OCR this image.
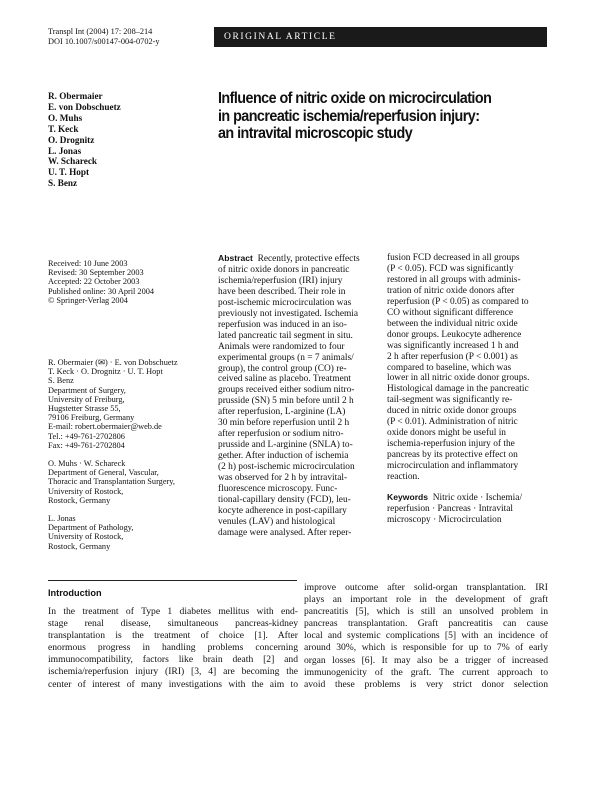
Transpl Int (2004) 17: 208–214
DOI 10.1007/s00147-004-0702-y	ORIGINAL ARTICLE
R. Obermaier
E. von Dobschuetz
O. Muhs
T. Keck
O. Drognitz
L. Jonas
W. Schareck
U. T. Hopt
S. Benz
Influence of nitric oxide on microcirculation
in pancreatic ischemia/reperfusion injury:
an intravital microscopic study
Received: 10 June 2003
Revised: 30 September 2003
Accepted: 22 October 2003
Published online: 30 April 2004
© Springer-Verlag 2004
R. Obermaier (✉) · E. von Dobschuetz
T. Keck · O. Drognitz · U. T. Hopt
S. Benz
Department of Surgery,
University of Freiburg,
Hugstetter Strasse 55,
79106 Freiburg, Germany
E-mail: robert.obermaier@web.de
Tel.: +49-761-2702806
Fax: +49-761-2702804
O. Muhs · W. Schareck
Department of General, Vascular,
Thoracic and Transplantation Surgery,
University of Rostock,
Rostock, Germany
L. Jonas
Department of Pathology,
University of Rostock,
Rostock, Germany
Abstract Recently, protective effects
of nitric oxide donors in pancreatic
ischemia/reperfusion (IRI) injury
have been described. Their role in
post-ischemic microcirculation was
previously not investigated. Ischemia
reperfusion was induced in an iso-
lated pancreatic tail segment in situ.
Animals were randomized to four
experimental groups (n = 7 animals/
group), the control group (CO) re-
ceived saline as placebo. Treatment
groups received either sodium nitro-
prusside (SN) 5 min before until 2 h
after reperfusion, L-arginine (LA)
30 min before reperfusion until 2 h
after reperfusion or sodium nitro-
prusside and L-arginine (SNLA) to-
gether. After induction of ischemia
(2 h) post-ischemic microcirculation
was observed for 2 h by intravital-
fluorescence microscopy. Func-
tional-capillary density (FCD), leu-
kocyte adherence in post-capillary
venules (LAV) and histological
damage were analysed. After reper-
fusion FCD decreased in all groups
(P < 0.05). FCD was significantly
restored in all groups with adminis-
tration of nitric oxide donors after
reperfusion (P < 0.05) as compared to
CO without significant difference
between the individual nitric oxide
donor groups. Leukocyte adherence
was significantly increased 1 h and
2 h after reperfusion (P < 0.001) as
compared to baseline, which was
lower in all nitric oxide donor groups.
Histological damage in the pancreatic
tail-segment was significantly re-
duced in nitric oxide donor groups
(P < 0.01). Administration of nitric
oxide donors might be useful in
ischemia-reperfusion injury of the
pancreas by its protective effect on
microcirculation and inflammatory
reaction.
Keywords Nitric oxide · Ischemia/
reperfusion · Pancreas · Intravital
microscopy · Microcirculation
Introduction
In the treatment of Type 1 diabetes mellitus with end-
stage renal disease, simultaneous pancreas-kidney
transplantation is the treatment of choice [1]. After
enormous progress in handling problems concerning
immunocompatibility, factors like brain death [2] and
ischemia/reperfusion injury (IRI) [3, 4] are becoming the
center of interest of many investigations with the aim to
improve outcome after solid-organ transplantation. IRI
plays an important role in the development of graft
pancreatitis [5], which is still an unsolved problem in
pancreas transplantation. Graft pancreatitis can cause
local and systemic complications [5] with an incidence of
around 30%, which is responsible for up to 7% of early
organ losses [6]. It may also be a trigger of increased
immunogenicity of the graft. The current approach to
avoid these problems is very strict donor selection
